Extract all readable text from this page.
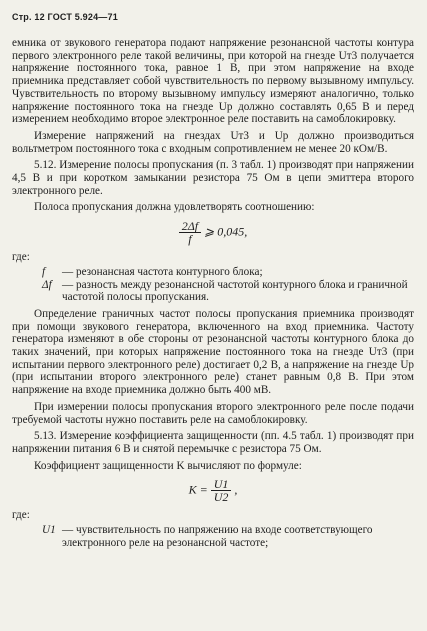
Стр. 12 ГОСТ 5.924—71

емника от звукового генератора подают напряжение резонансной частоты контура первого электронного реле такой величины, при которой на гнезде Uт3 получается напряжение постоянного тока, равное 1 В, при этом напряжение на входе приемника представляет собой чувствительность по первому вызывному импульсу. Чувствительность по второму вызывному импульсу измеряют аналогично, только напряжение постоянного тока на гнезде Uр должно составлять 0,65 В и перед измерением необходимо второе электронное реле поставить на самоблокировку.

Измерение напряжений на гнездах Uт3 и Uр должно производиться вольтметром постоянного тока с входным сопротивлением не менее 20 кОм/В.

5.12. Измерение полосы пропускания (п. 3 табл. 1) производят при напряжении 4,5 В и при коротком замыкании резистора 75 Ом в цепи эмиттера второго электронного реле.

Полоса пропускания должна удовлетворять соотношению:

$\frac{2\Delta f}{f}$ ⩾ 0,045,

где:

f	— резонансная частота контурного блока;
Δf — разность между резонансной частотой контурного блока и граничной частотой полосы пропускания.

Определение граничных частот полосы пропускания приемника производят при помощи звукового генератора, включенного на вход приемника. Частоту генератора изменяют в обе стороны от резонансной частоты контурного блока до таких значений, при которых напряжение постоянного тока на гнезде Uт3 (при испытании первого электронного реле) достигает 0,2 В, а напряжение на гнезде Uр (при испытании второго электронного реле) станет равным 0,8 В. При этом напряжение на входе приемника должно быть 400 мВ.

При измерении полосы пропускания второго электронного реле после подачи требуемой частоты нужно поставить реле на самоблокировку.

5.13. Измерение коэффициента защищенности (пп. 4.5 табл. 1) производят при напряжении питания 6 В и снятой перемычке с резистора 75 Ом.

Коэффициент защищенности K вычисляют по формуле:

$K = \frac{U1}{U2}$ ,

где:

U1 — чувствительность по напряжению на входе соответствующего электронного реле на резонансной частоте;
